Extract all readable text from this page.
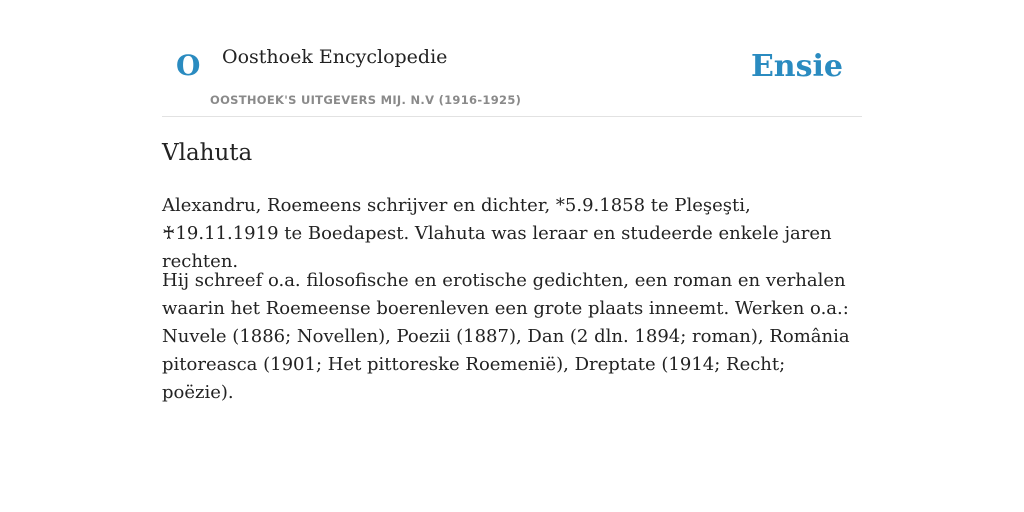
O Oosthoek Encyclopedie
OOSTHOEK'S UITGEVERS MIJ. N.V (1916-1925)
Ensie
Vlahuta

Alexandru, Roemeens schrijver en dichter, *5.9.1858 te Pleşeşti, ♰19.11.1919 te Boedapest. Vlahuta was leraar en studeerde enkele jaren rechten.

Hij schreef o.a. filosofische en erotische gedichten, een roman en verhalen waarin het Roemeense boerenleven een grote plaats inneemt. Werken o.a.: Nuvele (1886; Novellen), Poezii (1887), Dan (2 dln. 1894; roman), România pitoreasca (1901; Het pittoreske Roemenië), Dreptate (1914; Recht; poëzie).
